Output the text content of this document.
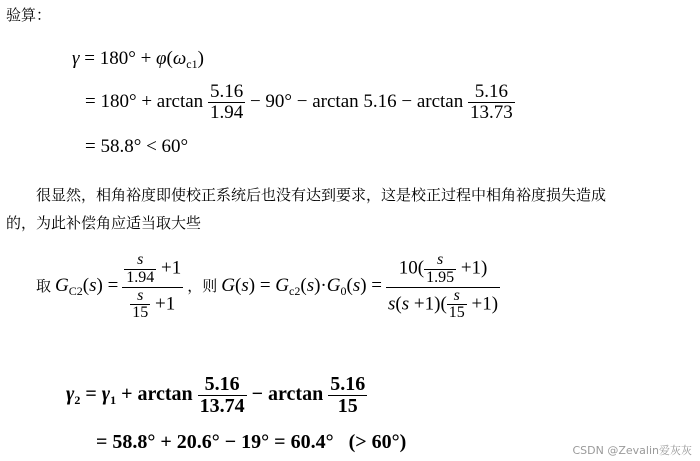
验算：
$\gamma = 180^\circ + \varphi(\omega_{c1})$
= $180^\circ + \arctan \frac{5.16}{1.94} - 90^\circ - \arctan 5.16 - \arctan \frac{5.16}{13.73}$
= 58.8° < 60°
很显然，相角裕度即使校正系统后也没有达到要求，这是校正过程中相角裕度损失造成
的，为此补偿角应适当取大些
取 $G_{C2}(s) = \frac{\frac{s}{1.94} +1}{\frac{s}{15} +1}$ ，则 $G(s) = G_{c2}(s)\cdot G_0(s) = \frac{10( \frac{s}{1.95} +1)}{s(s +1)( \frac{s}{15} +1)}$
$\gamma_2 = \gamma_1 + \arctan \frac{5.16}{13.74} - \arctan \frac{5.16}{15}$
= 58.8° + 20.6° − 19° = 60.4°   (> 60°)	CSDN @Zevalin爱灰灰
